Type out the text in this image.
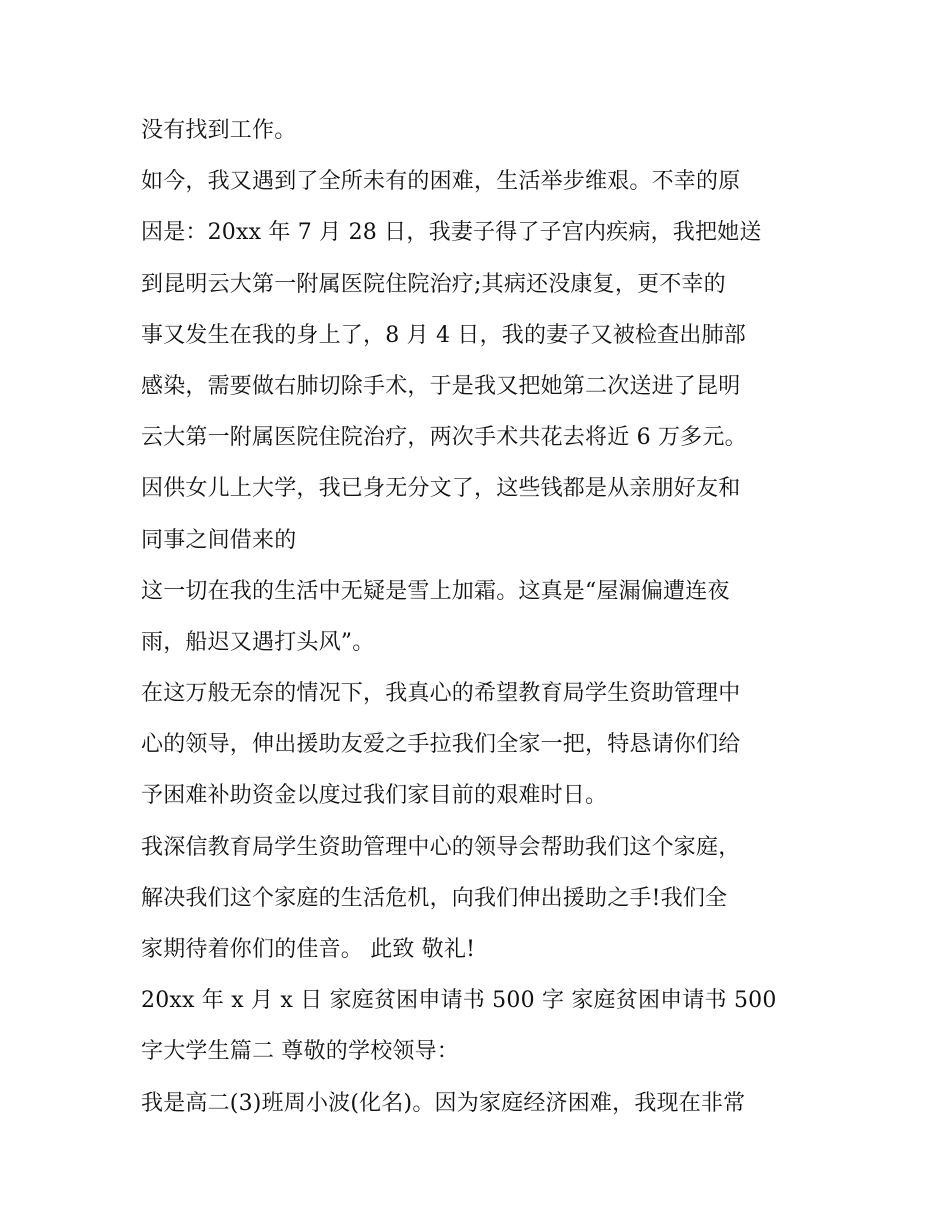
没有找到工作。
如今，我又遇到了全所未有的困难，生活举步维艰。不幸的原
因是：20xx 年 7 月 28 日，我妻子得了子宫内疾病，我把她送
到昆明云大第一附属医院住院治疗;其病还没康复，更不幸的
事又发生在我的身上了，8 月 4 日，我的妻子又被检查出肺部
感染，需要做右肺切除手术，于是我又把她第二次送进了昆明
云大第一附属医院住院治疗，两次手术共花去将近 6 万多元。
因供女儿上大学，我已身无分文了，这些钱都是从亲朋好友和
同事之间借来的
这一切在我的生活中无疑是雪上加霜。这真是“屋漏偏遭连夜
雨，船迟又遇打头风”。
在这万般无奈的情况下，我真心的希望教育局学生资助管理中
心的领导，伸出援助友爱之手拉我们全家一把，特恳请你们给
予困难补助资金以度过我们家目前的艰难时日。
我深信教育局学生资助管理中心的领导会帮助我们这个家庭，
解决我们这个家庭的生活危机，向我们伸出援助之手!我们全
家期待着你们的佳音。 此致 敬礼!
20xx 年 x 月 x 日 家庭贫困申请书 500 字 家庭贫困申请书 500
字大学生篇二 尊敬的学校领导：
我是高二(3)班周小波(化名)。因为家庭经济困难，我现在非常
